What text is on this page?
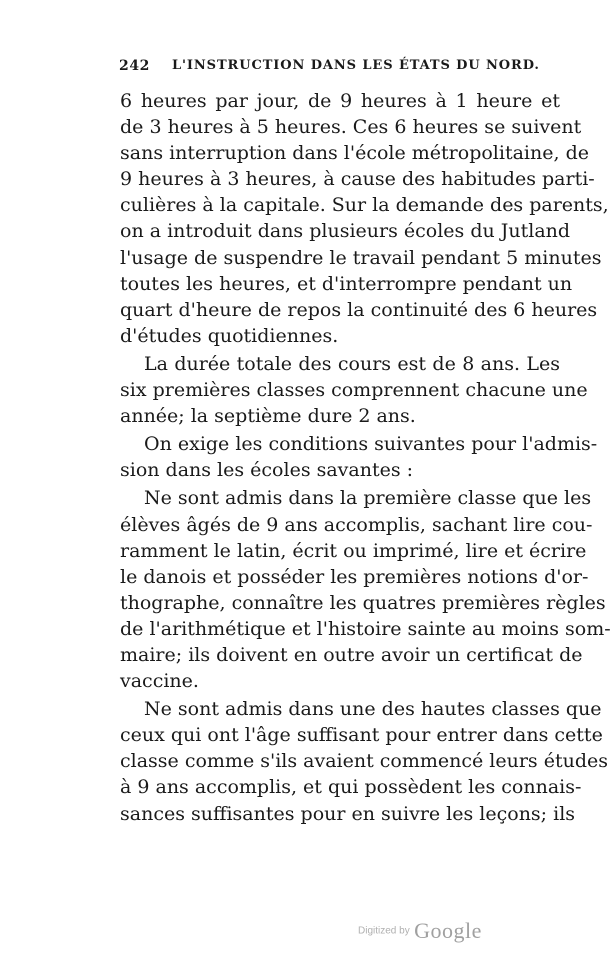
242 L'INSTRUCTION DANS LES ÉTATS DU NORD.
6 heures par jour, de 9 heures à 1 heure et
de 3 heures à 5 heures. Ces 6 heures se suivent
sans interruption dans l'école métropolitaine, de
9 heures à 3 heures, à cause des habitudes parti-
culières à la capitale. Sur la demande des parents,
on a introduit dans plusieurs écoles du Jutland
l'usage de suspendre le travail pendant 5 minutes
toutes les heures, et d'interrompre pendant un
quart d'heure de repos la continuité des 6 heures
d'études quotidiennes.
La durée totale des cours est de 8 ans. Les
six premières classes comprennent chacune une
année; la septième dure 2 ans.
On exige les conditions suivantes pour l'admis-
sion dans les écoles savantes :
Ne sont admis dans la première classe que les
élèves âgés de 9 ans accomplis, sachant lire cou-
ramment le latin, écrit ou imprimé, lire et écrire
le danois et posséder les premières notions d'or-
thographe, connaître les quatres premières règles
de l'arithmétique et l'histoire sainte au moins som-
maire; ils doivent en outre avoir un certificat de
vaccine.
Ne sont admis dans une des hautes classes que
ceux qui ont l'âge suffisant pour entrer dans cette
classe comme s'ils avaient commencé leurs études
à 9 ans accomplis, et qui possèdent les connais-
sances suffisantes pour en suivre les leçons; ils
Digitized by Google
